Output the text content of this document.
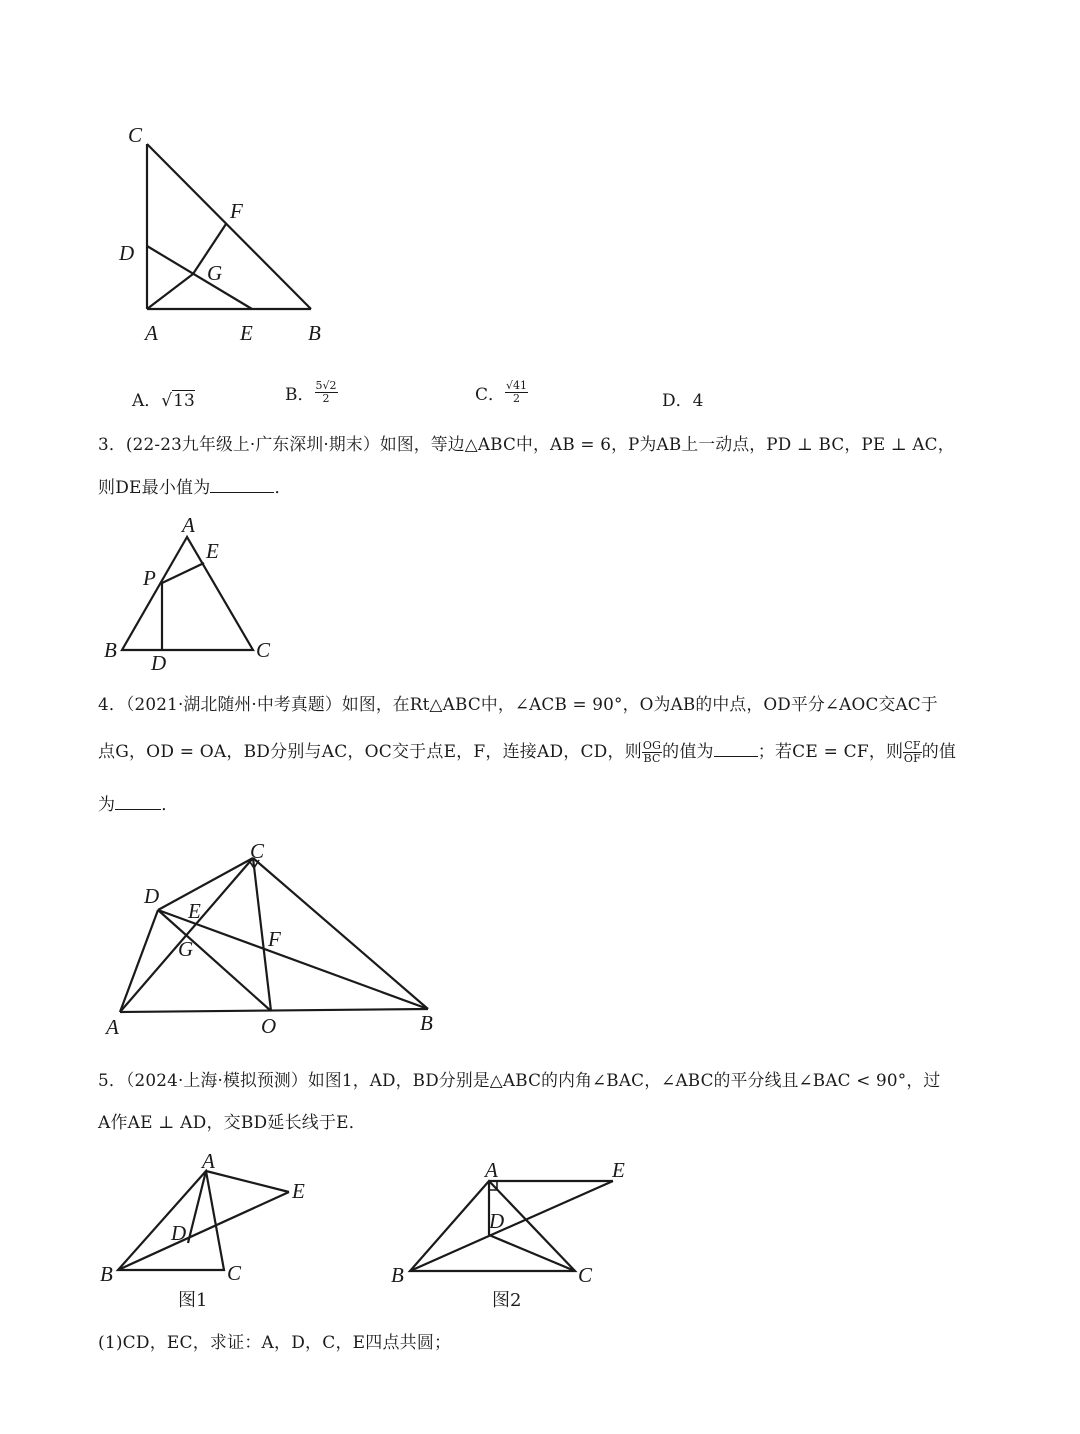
C
F
D
G
A	E	B
A
E
P
B
D
C
C
D
E
G	F
A	O	B
A
E
D
B	C
图1
A	E
D
B	C
图2
A．√13	B． $\frac{5√2}{2}$	C． $\frac{√41}{2}$	D．4
3．(22-23九年级上·广东深圳·期末）如图，等边△ABC中，AB = 6，P为AB上一动点，PD ⊥ BC，PE ⊥ AC，
则DE最小值为	．
4．（2021·湖北随州·中考真题）如图，在Rt△ABC中，∠ACB = 90°，O为AB的中点，OD平分∠AOC交AC于
点G，OD = OA，BD分别与AC，OC交于点E，F，连接AD，CD，则 $\frac{OG}{BC}$ 的值为	；若CE = CF，则 $\frac{CF}{OF}$ 的值
为	．
5．（2024·上海·模拟预测）如图1，AD，BD分别是△ABC的内角∠BAC，∠ABC的平分线且∠BAC < 90°，过
A作AE ⊥ AD，交BD延长线于E．
(1)CD，EC，求证：A，D，C，E四点共圆；
